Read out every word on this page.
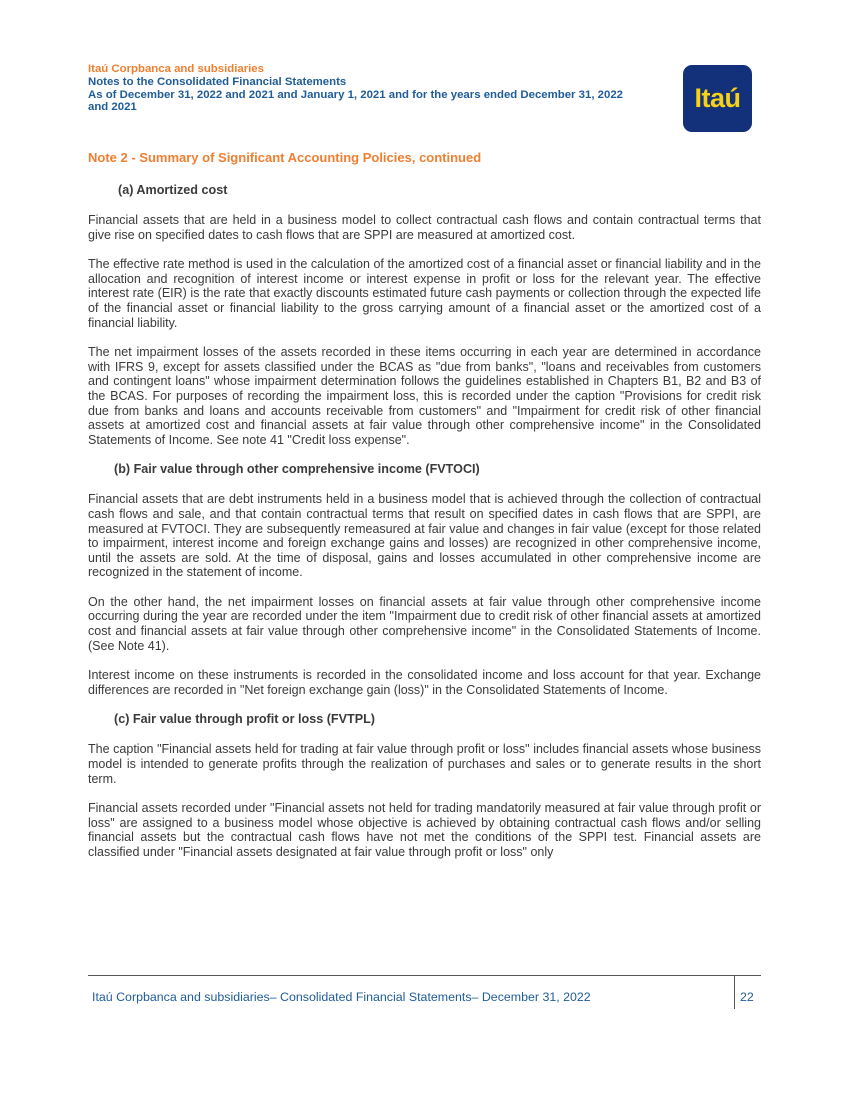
Itaú Corpbanca and subsidiaries
Notes to the Consolidated Financial Statements
As of December 31, 2022 and 2021 and January 1, 2021 and for the years ended December 31, 2022
and 2021	Itaú
Note 2 - Summary of Significant Accounting Policies, continued
(a) Amortized cost

Financial assets that are held in a business model to collect contractual cash flows and contain contractual terms that give rise on specified dates to cash flows that are SPPI are measured at amortized cost.

The effective rate method is used in the calculation of the amortized cost of a financial asset or financial liability and in the allocation and recognition of interest income or interest expense in profit or loss for the relevant year. The effective interest rate (EIR) is the rate that exactly discounts estimated future cash payments or collection through the expected life of the financial asset or financial liability to the gross carrying amount of a financial asset or the amortized cost of a financial liability.

The net impairment losses of the assets recorded in these items occurring in each year are determined in accordance with IFRS 9, except for assets classified under the BCAS as "due from banks", "loans and receivables from customers and contingent loans" whose impairment determination follows the guidelines established in Chapters B1, B2 and B3 of the BCAS. For purposes of recording the impairment loss, this is recorded under the caption "Provisions for credit risk due from banks and loans and accounts receivable from customers" and "Impairment for credit risk of other financial assets at amortized cost and financial assets at fair value through other comprehensive income" in the Consolidated Statements of Income. See note 41 "Credit loss expense".

(b) Fair value through other comprehensive income (FVTOCI)

Financial assets that are debt instruments held in a business model that is achieved through the collection of contractual cash flows and sale, and that contain contractual terms that result on specified dates in cash flows that are SPPI, are measured at FVTOCI. They are subsequently remeasured at fair value and changes in fair value (except for those related to impairment, interest income and foreign exchange gains and losses) are recognized in other comprehensive income, until the assets are sold. At the time of disposal, gains and losses accumulated in other comprehensive income are recognized in the statement of income.

On the other hand, the net impairment losses on financial assets at fair value through other comprehensive income occurring during the year are recorded under the item "Impairment due to credit risk of other financial assets at amortized cost and financial assets at fair value through other comprehensive income" in the Consolidated Statements of Income. (See Note 41).

Interest income on these instruments is recorded in the consolidated income and loss account for that year. Exchange differences are recorded in "Net foreign exchange gain (loss)" in the Consolidated Statements of Income.

(c) Fair value through profit or loss (FVTPL)

The caption "Financial assets held for trading at fair value through profit or loss" includes financial assets whose business model is intended to generate profits through the realization of purchases and sales or to generate results in the short term.

Financial assets recorded under "Financial assets not held for trading mandatorily measured at fair value through profit or loss" are assigned to a business model whose objective is achieved by obtaining contractual cash flows and/or selling financial assets but the contractual cash flows have not met the conditions of the SPPI test. Financial assets are classified under "Financial assets designated at fair value through profit or loss" only

Itaú Corpbanca and subsidiaries– Consolidated Financial Statements– December 31, 2022	22
